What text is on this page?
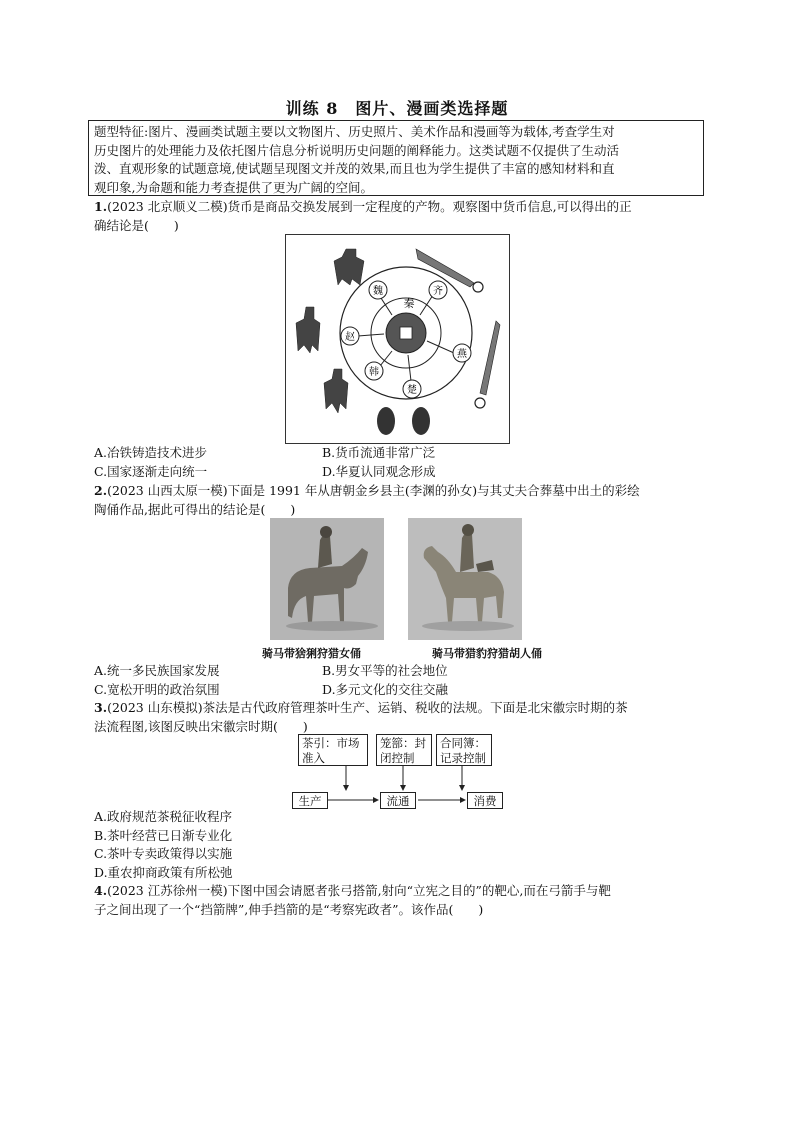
训练 8　图片、漫画类选择题
题型特征:图片、漫画类试题主要以文物图片、历史照片、美术作品和漫画等为载体,考查学生对
历史图片的处理能力及依托图片信息分析说明历史问题的阐释能力。这类试题不仅提供了生动活
泼、直观形象的试题意境,使试题呈现图文并茂的效果,而且也为学生提供了丰富的感知材料和直
观印象,为命题和能力考查提供了更为广阔的空间。
1.(2023 北京顺义二模)货币是商品交换发展到一定程度的产物。观察图中货币信息,可以得出的正
确结论是(　　)
魏	齐
赵
燕
韩
楚
秦
A.冶铁铸造技术进步	B.货币流通非常广泛
C.国家逐渐走向统一	D.华夏认同观念形成
2.(2023 山西太原一模)下面是 1991 年从唐朝金乡县主(李渊的孙女)与其丈夫合葬墓中出土的彩绘
陶俑作品,据此可得出的结论是(　　)
骑马带猞猁狩猎女俑	骑马带猎豹狩猎胡人俑
A.统一多民族国家发展	B.男女平等的社会地位
C.宽松开明的政治氛围	D.多元文化的交往交融
3.(2023 山东模拟)茶法是古代政府管理茶叶生产、运销、税收的法规。下面是北宋徽宗时期的茶
法流程图,该图反映出宋徽宗时期(　　)
茶引：市场准入
笼篰：封闭控制
合同簿：记录控制
生产	流通	消费
A.政府规范茶税征收程序
B.茶叶经营已日渐专业化
C.茶叶专卖政策得以实施
D.重农抑商政策有所松弛
4.(2023 江苏徐州一模)下图中国会请愿者张弓搭箭,射向“立宪之目的”的靶心,而在弓箭手与靶
子之间出现了一个“挡箭牌”,伸手挡箭的是“考察宪政者”。该作品(　　)
